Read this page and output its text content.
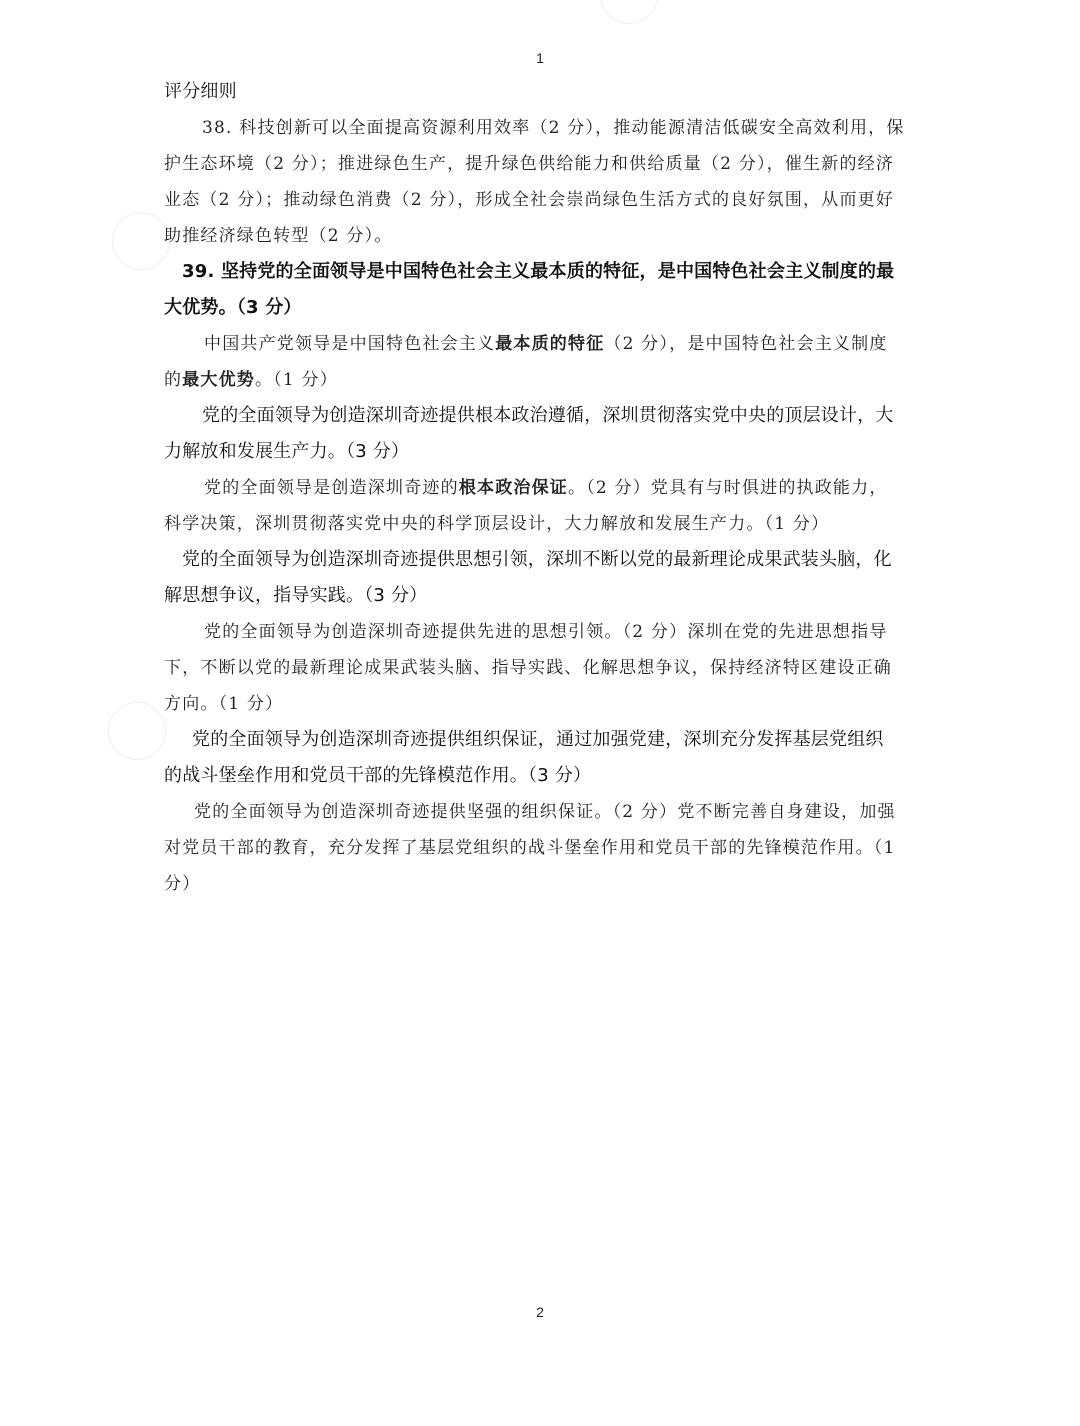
1
评分细则
38. 科技创新可以全面提高资源利用效率（2 分），推动能源清洁低碳安全高效利用，保
护生态环境（2 分）；推进绿色生产，提升绿色供给能力和供给质量（2 分），催生新的经济
业态（2 分）；推动绿色消费（2 分），形成全社会崇尚绿色生活方式的良好氛围，从而更好
助推经济绿色转型（2 分）。
39. 坚持党的全面领导是中国特色社会主义最本质的特征，是中国特色社会主义制度的最
大优势。（3 分）
中国共产党领导是中国特色社会主义最本质的特征（2 分），是中国特色社会主义制度
的最大优势。（1 分）
党的全面领导为创造深圳奇迹提供根本政治遵循，深圳贯彻落实党中央的顶层设计，大
力解放和发展生产力。（3 分）
党的全面领导是创造深圳奇迹的根本政治保证。（2 分）党具有与时俱进的执政能力，
科学决策，深圳贯彻落实党中央的科学顶层设计，大力解放和发展生产力。（1 分）
党的全面领导为创造深圳奇迹提供思想引领，深圳不断以党的最新理论成果武装头脑，化
解思想争议，指导实践。（3 分）
党的全面领导为创造深圳奇迹提供先进的思想引领。（2 分）深圳在党的先进思想指导
下，不断以党的最新理论成果武装头脑、指导实践、化解思想争议，保持经济特区建设正确
方向。（1 分）
党的全面领导为创造深圳奇迹提供组织保证，通过加强党建，深圳充分发挥基层党组织
的战斗堡垒作用和党员干部的先锋模范作用。（3 分）
党的全面领导为创造深圳奇迹提供坚强的组织保证。（2 分）党不断完善自身建设，加强
对党员干部的教育，充分发挥了基层党组织的战斗堡垒作用和党员干部的先锋模范作用。（1
分）
2
